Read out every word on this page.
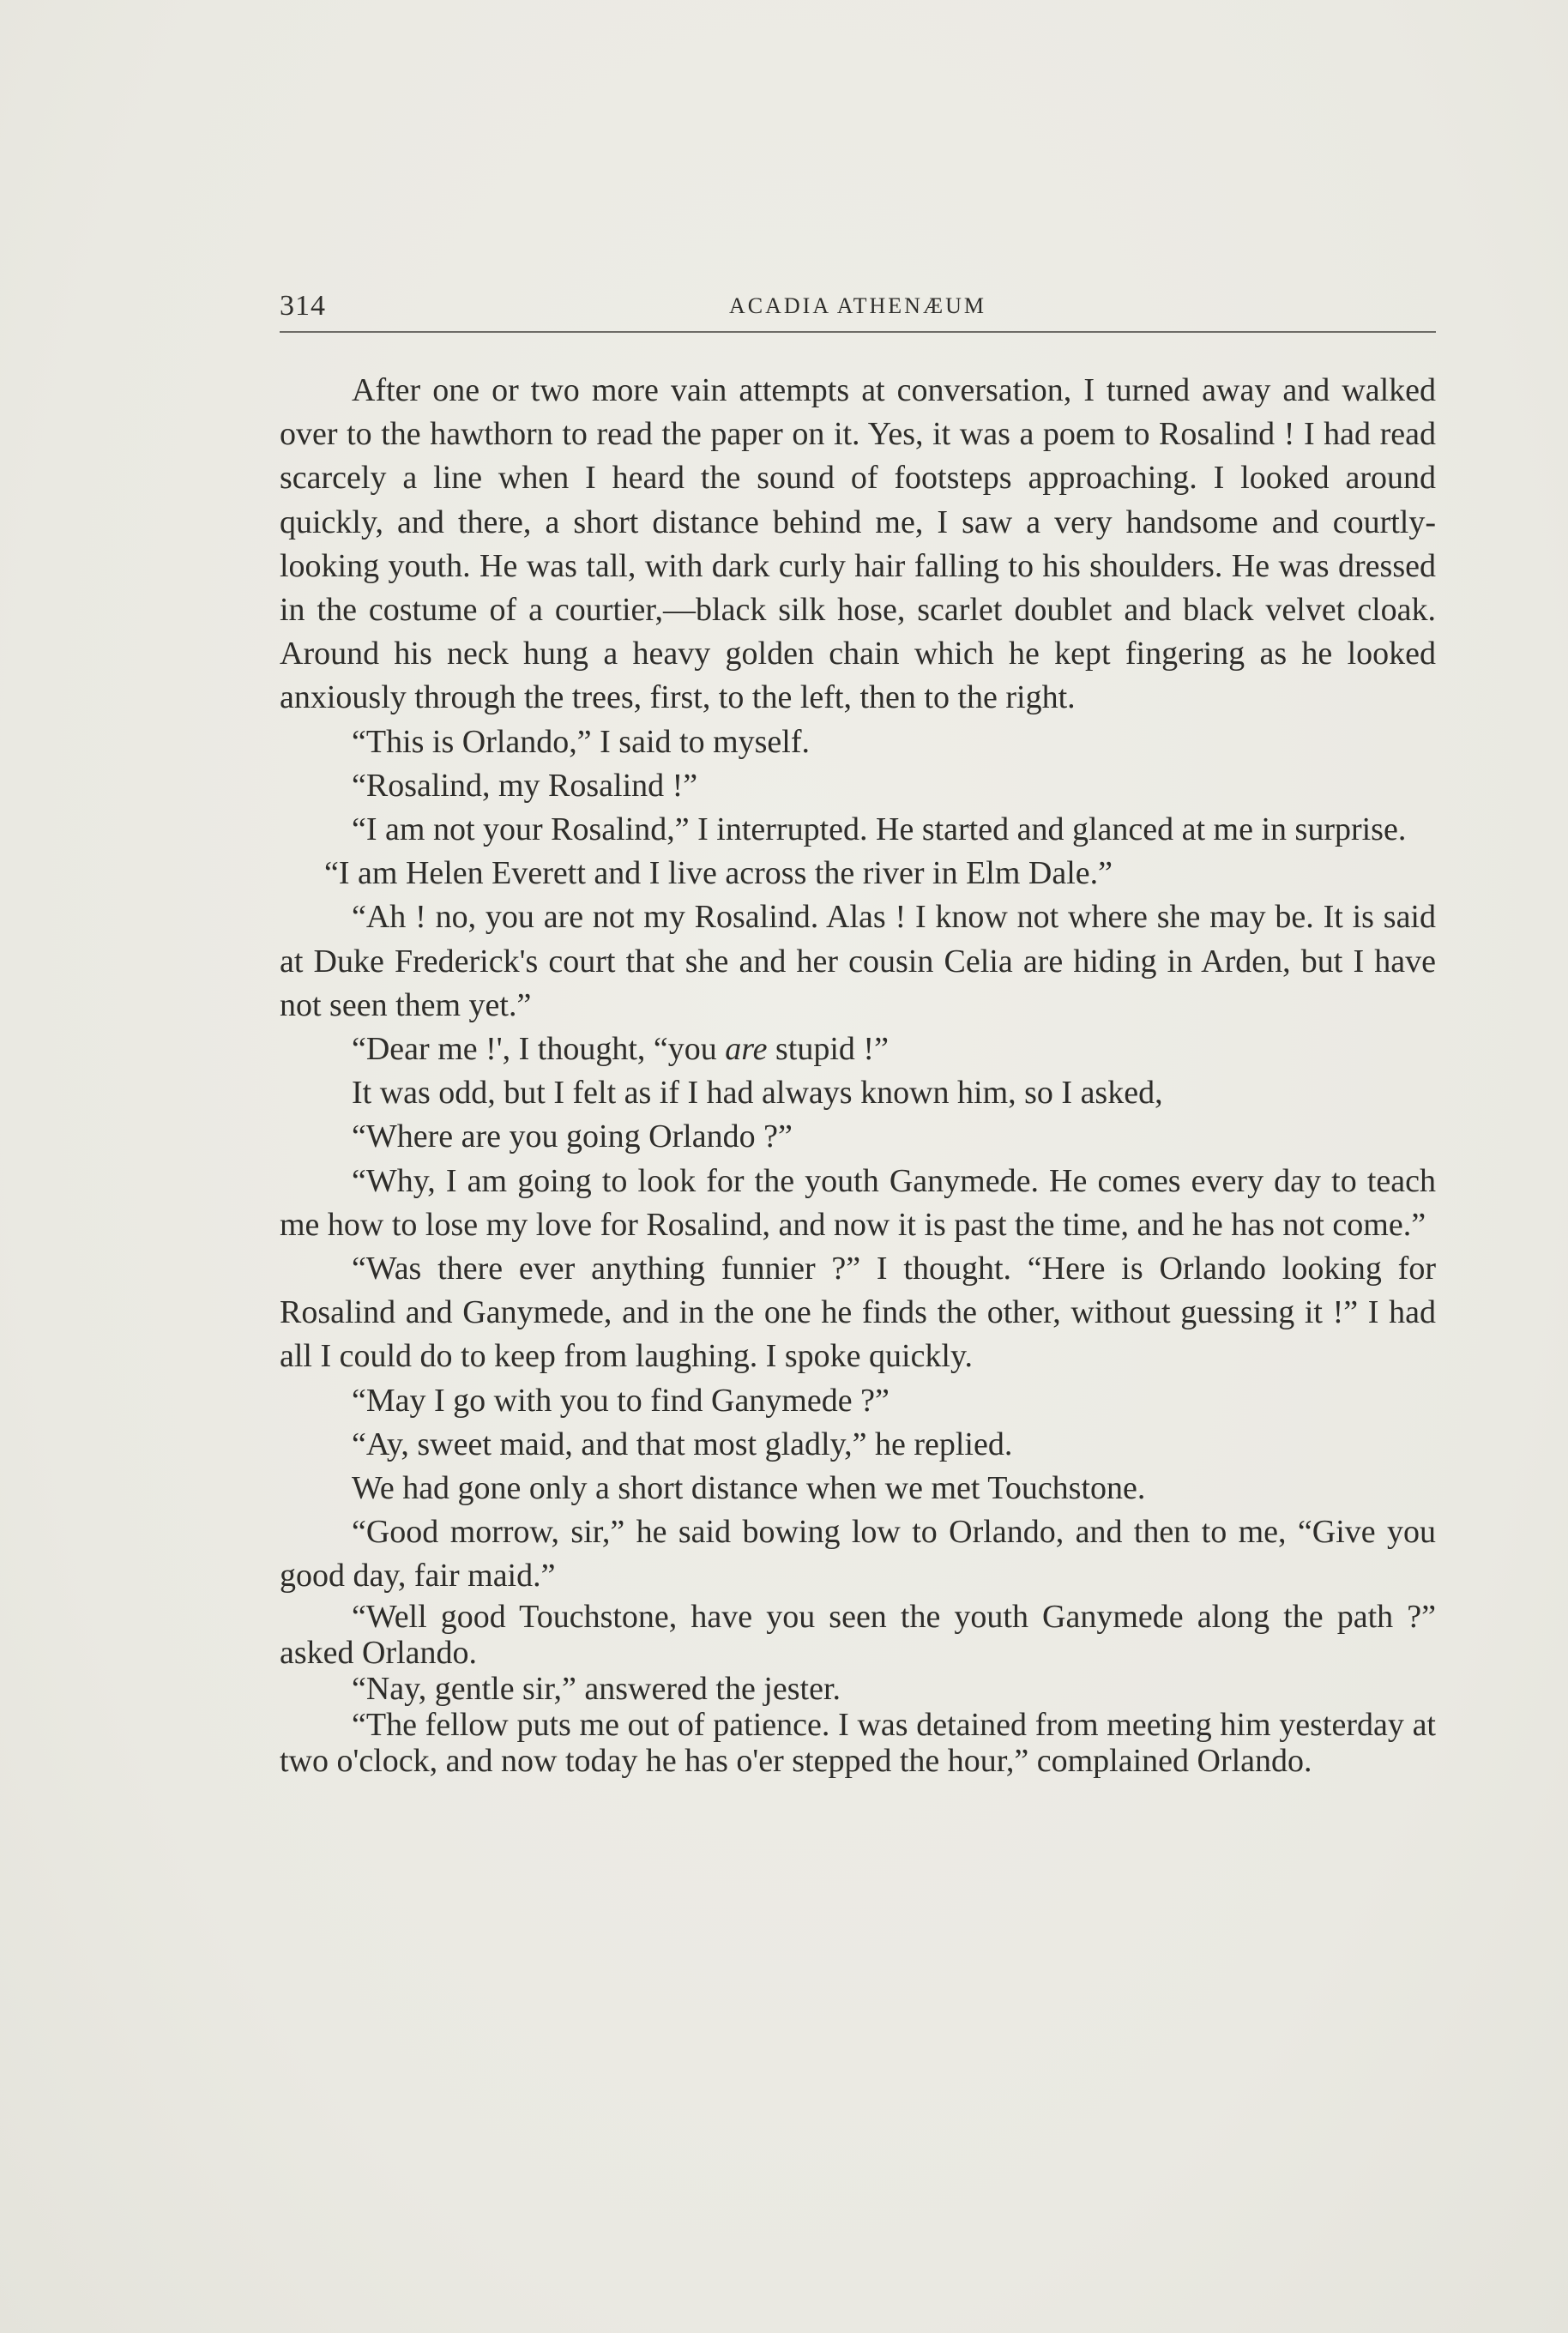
314	ACADIA ATHENÆUM

After one or two more vain attempts at conversation, I turned away and walked over to the hawthorn to read the paper on it. Yes, it was a poem to Rosalind ! I had read scarcely a line when I heard the sound of footsteps approaching. I looked around quickly, and there, a short distance behind me, I saw a very handsome and courtly-looking youth. He was tall, with dark curly hair falling to his shoulders. He was dressed in the costume of a courtier,—black silk hose, scarlet doublet and black velvet cloak. Around his neck hung a heavy golden chain which he kept fingering as he looked anxiously through the trees, first, to the left, then to the right.

“This is Orlando,” I said to myself.

“Rosalind, my Rosalind !”

“I am not your Rosalind,” I interrupted. He started and glanced at me in surprise.

“I am Helen Everett and I live across the river in Elm Dale.”

“Ah ! no, you are not my Rosalind. Alas ! I know not where she may be. It is said at Duke Frederick's court that she and her cousin Celia are hiding in Arden, but I have not seen them yet.”

“Dear me !', I thought, “you are stupid !”

It was odd, but I felt as if I had always known him, so I asked,

“Where are you going Orlando ?”

“Why, I am going to look for the youth Ganymede. He comes every day to teach me how to lose my love for Rosalind, and now it is past the time, and he has not come.”

“Was there ever anything funnier ?” I thought. “Here is Orlando looking for Rosalind and Ganymede, and in the one he finds the other, without guessing it !” I had all I could do to keep from laughing. I spoke quickly.

“May I go with you to find Ganymede ?”

“Ay, sweet maid, and that most gladly,” he replied.

We had gone only a short distance when we met Touchstone.

“Good morrow, sir,” he said bowing low to Orlando, and then to me, “Give you good day, fair maid.”

“Well good Touchstone, have you seen the youth Ganymede along the path ?” asked Orlando.

“Nay, gentle sir,” answered the jester.

“The fellow puts me out of patience. I was detained from meeting him yesterday at two o'clock, and now today he has o'er stepped the hour,” complained Orlando.
